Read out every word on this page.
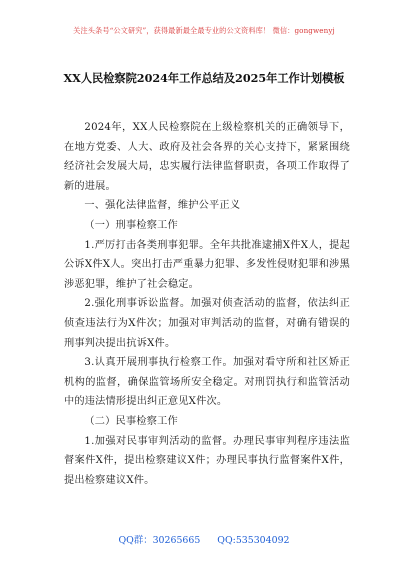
关注头条号“公文研究”，获得最新最全最专业的公文资料库！ 微信：gongwenyj
XX人民检察院2024年工作总结及2025年工作计划模板

2024年，XX人民检察院在上级检察机关的正确领导下，在地方党委、人大、政府及社会各界的关心支持下，紧紧围绕经济社会发展大局，忠实履行法律监督职责，各项工作取得了新的进展。

一、强化法律监督，维护公平正义

（一）刑事检察工作

1.严厉打击各类刑事犯罪。全年共批准逮捕X件X人，提起公诉X件X人。突出打击严重暴力犯罪、多发性侵财犯罪和涉黑涉恶犯罪，维护了社会稳定。

2.强化刑事诉讼监督。加强对侦查活动的监督，依法纠正侦查违法行为X件次；加强对审判活动的监督，对确有错误的刑事判决提出抗诉X件。

3.认真开展刑事执行检察工作。加强对看守所和社区矫正机构的监督，确保监管场所安全稳定。对刑罚执行和监管活动中的违法情形提出纠正意见X件次。

（二）民事检察工作

1.加强对民事审判活动的监督。办理民事审判程序违法监督案件X件，提出检察建议X件；办理民事执行监督案件X件，提出检察建议X件。

QQ群：30265665 QQ:535304092
